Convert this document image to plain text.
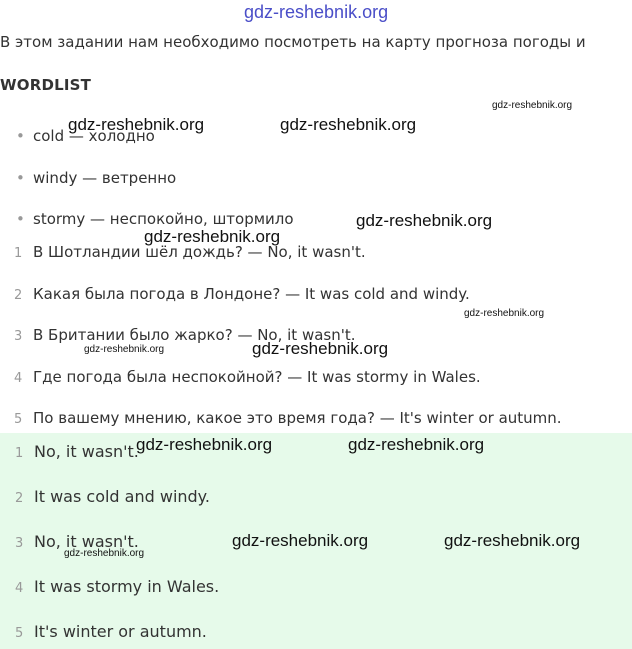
В этом задании нам необходимо посмотреть на карту прогноза погоды и
WORDLIST
• cold — холодно
• windy — ветренно
• stormy — неспокойно, штормило
1 В Шотландии шёл дождь? — No, it wasn't.
2 Какая была погода в Лондоне? — It was cold and windy.
3 В Британии было жарко? — No, it wasn't.
4 Где погода была неспокойной? — It was stormy in Wales.
5 По вашему мнению, какое это время года? — It's winter or autumn.
1 No, it wasn't.
2 It was cold and windy.
3 No, it wasn't.
4 It was stormy in Wales.
5 It's winter or autumn.
gdz-reshebnik.org
gdz-reshebnik.org
gdz-reshebnik.org	gdz-reshebnik.org
gdz-reshebnik.org
gdz-reshebnik.org
gdz-reshebnik.org
gdz-reshebnik.org
gdz-reshebnik.org
gdz-reshebnik.org	gdz-reshebnik.org
gdz-reshebnik.org	gdz-reshebnik.org
gdz-reshebnik.org
